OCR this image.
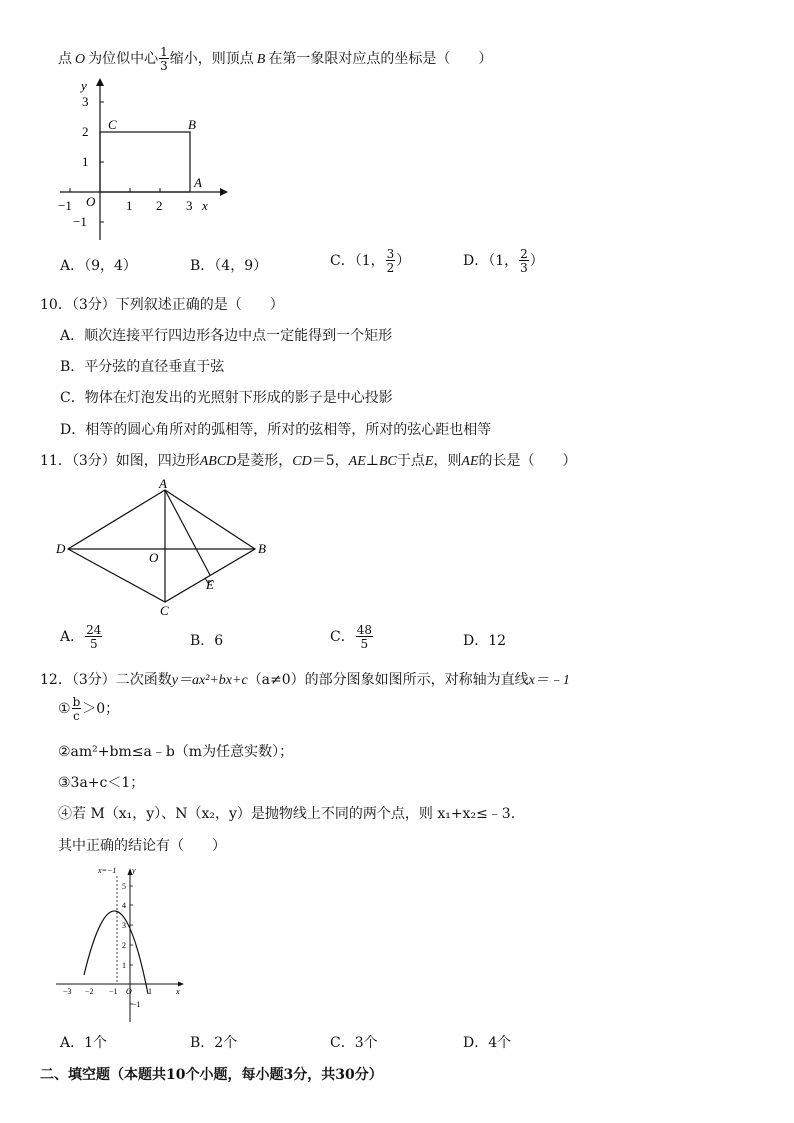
点 O 为位似中心 $\frac{1}{3}$ 缩小，则顶点 B 在第一象限对应点的坐标是（　　）
y
3
2
1
−1
C	B
A
O
−1	1 2 3 x
A．（9，4）	B．（4，9）	C．（1， $\frac{3}{2}$ ）	D．（1， $\frac{2}{3}$ ）
10．（3分）下列叙述正确的是（　　）
A．顺次连接平行四边形各边中点一定能得到一个矩形
B．平分弦的直径垂直于弦
C．物体在灯泡发出的光照射下形成的影子是中心投影
D．相等的圆心角所对的弧相等，所对的弦相等，所对的弦心距也相等
11．（3分）如图，四边形ABCD是菱形，CD＝5，AE⊥BC于点E，则AE的长是（　　）
A
B
C
D
O
E
A． $\frac{24}{5}$	B．6	C． $\frac{48}{5}$	D．12
12．（3分）二次函数y＝ax²+bx+c（a≠0）的部分图象如图所示，对称轴为直线x＝﹣1
① $\frac{b}{c} >0$；
②am²+bm≤a﹣b（m为任意实数）；
③3a+c＜1；
④若 M（x₁，y）、N（x₂，y）是抛物线上不同的两个点，则 x₁+x₂≤﹣3.
其中正确的结论有（　　）
x=−1 y
5
4
3
2
1
−1
−3 −2 −1 O 1	x
A．1个	B．2个	C．3个	D．4个
二、填空题（本题共10个小题，每小题3分，共30分）
